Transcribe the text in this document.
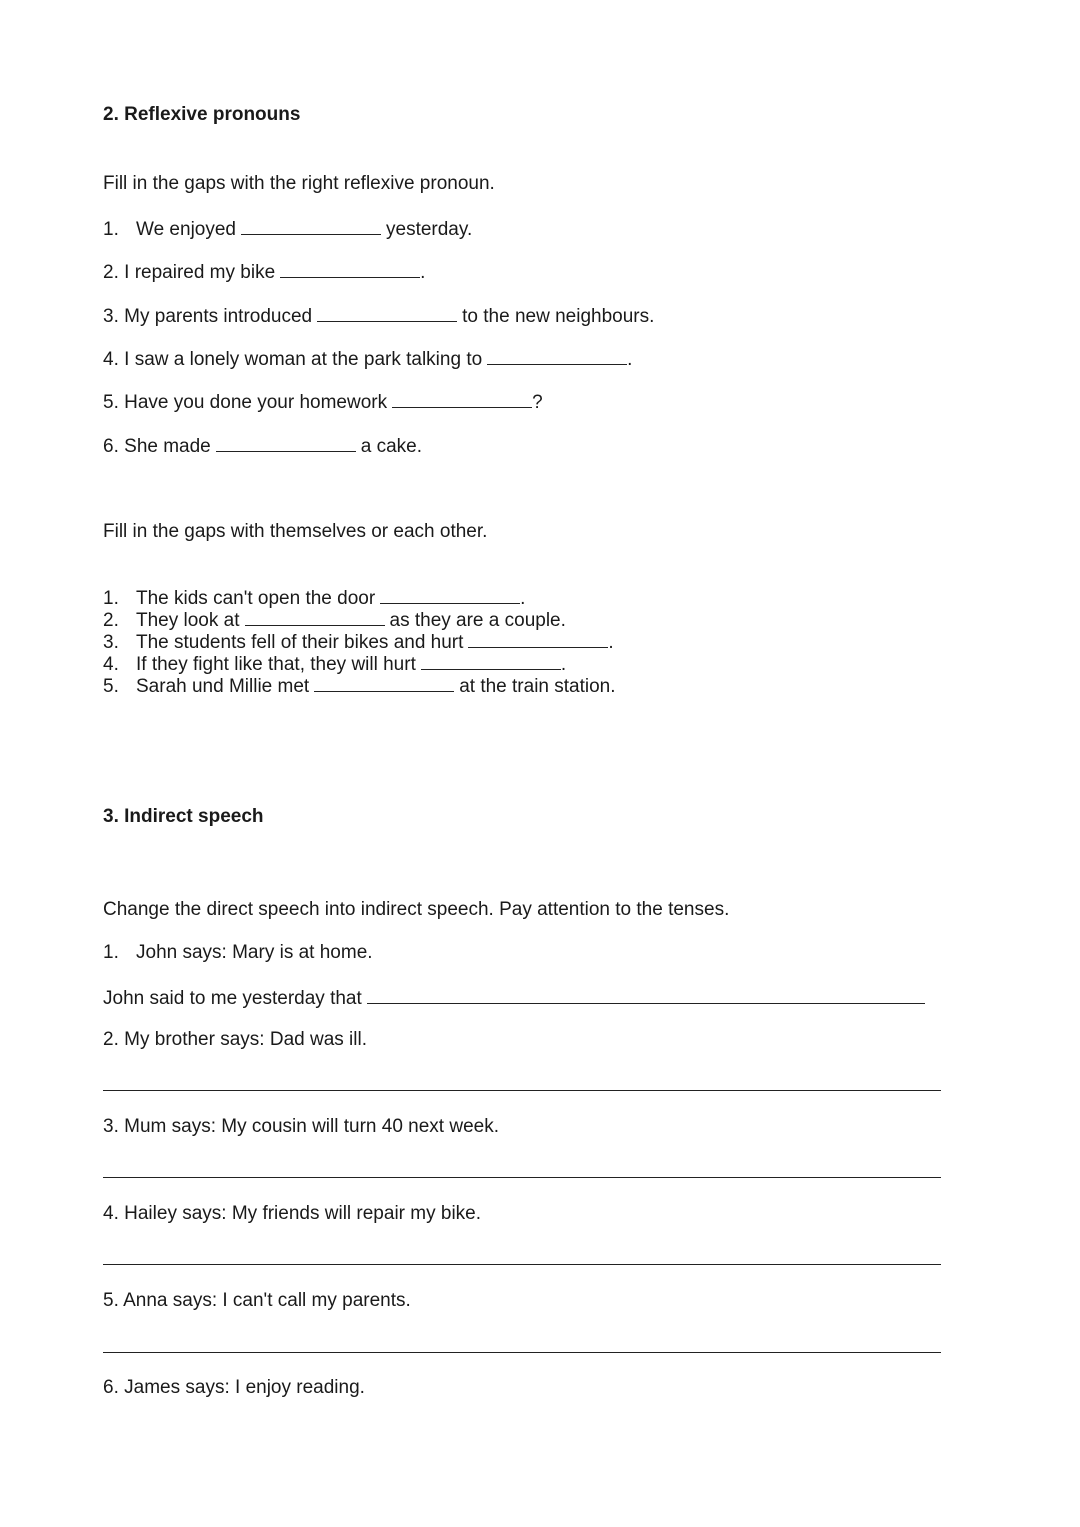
2. Reflexive pronouns
Fill in the gaps with the right reflexive pronoun.
1. We enjoyed	yesterday.
2. I repaired my bike	.
3. My parents introduced	to the new neighbours.
4. I saw a lonely woman at the park talking to	.
5. Have you done your homework	?
6. She made	a cake.
Fill in the gaps with themselves or each other.
1. The kids can't open the door	.
2. They look at	as they are a couple.
3. The students fell of their bikes and hurt	.
4. If they fight like that, they will hurt	.
5. Sarah und Millie met	at the train station.
3. Indirect speech
Change the direct speech into indirect speech. Pay attention to the tenses.
1. John says: Mary is at home.
John said to me yesterday that
2. My brother says: Dad was ill.
3. Mum says: My cousin will turn 40 next week.
4. Hailey says: My friends will repair my bike.
5. Anna says: I can't call my parents.
6. James says: I enjoy reading.
